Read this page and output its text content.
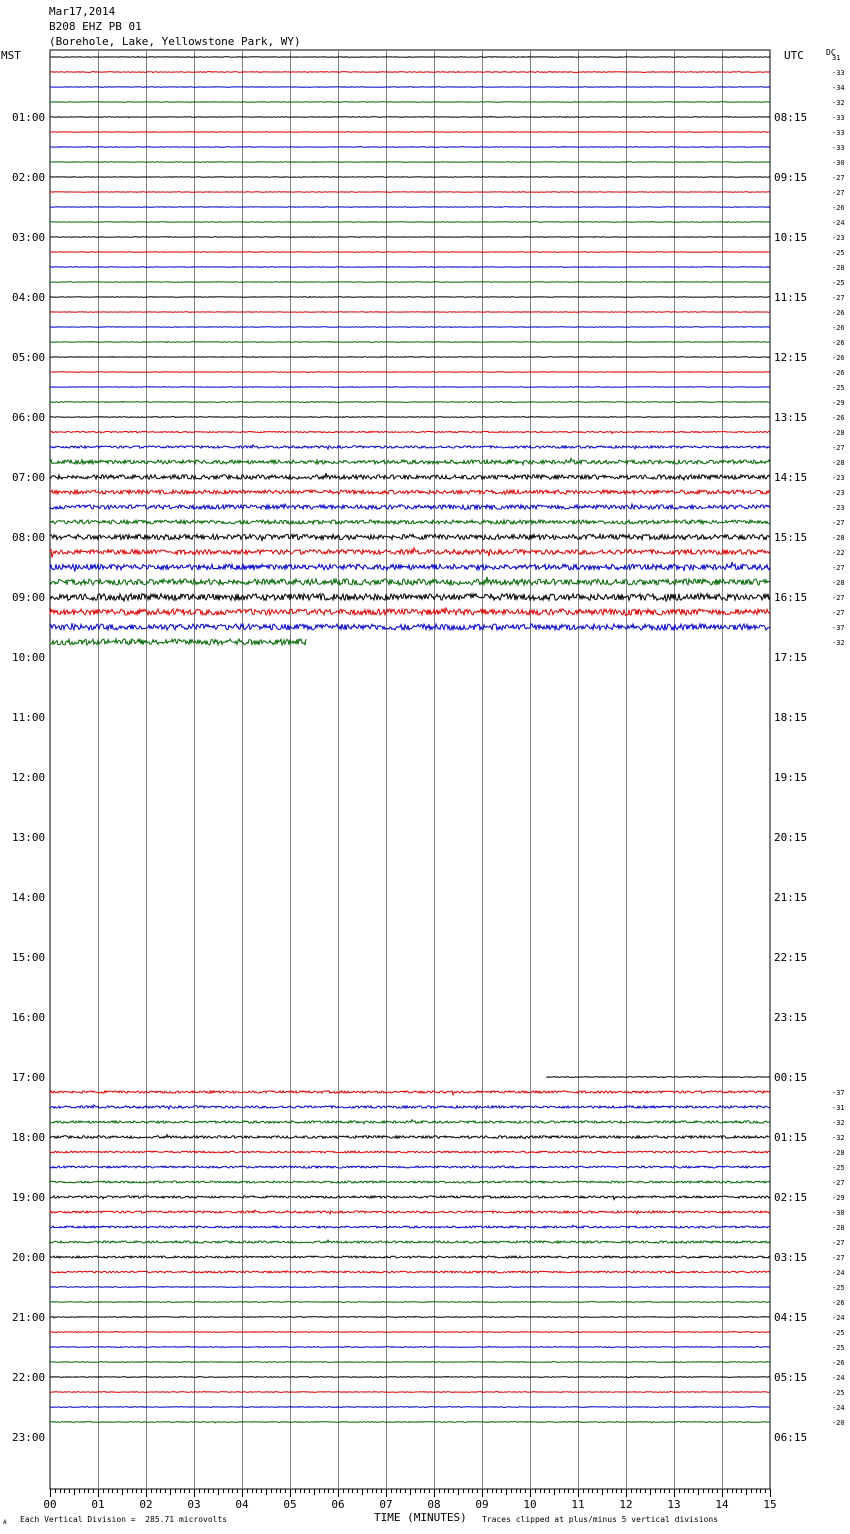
Mar17,2014
B208 EHZ PB 01
(Borehole, Lake, Yellowstone Park, WY)
MST	UTC	DC
31
-33
-34
-32
-33
-33
-33
-30
-27
-27
-26
-24
-23
-25
-28
-25
-27
-26
-26
-26
-26
-26
-25
-29
-26
-28
-27
-28
-23
-23
-23
-27
-28
-22
-27
-28
-27
-27
-37
-32
-37
-31
-32
-32
-28
-25
-27
-29
-30
-28
-27
-27
-24
-25
-26
-24
-25
-25
-26
-24
-25
-24
-20
01:00	08:15
02:00	09:15
03:00	10:15
04:00	11:15
05:00	12:15
06:00	13:15
07:00	14:15
08:00	15:15
09:00	16:15
10:00	17:15
11:00	18:15
12:00	19:15
13:00	20:15
14:00	21:15
15:00	22:15
16:00	23:15
17:00	00:15
18:00	01:15
19:00	02:15
20:00	03:15
21:00	04:15
22:00	05:15
23:00	06:15
00	01	02	03	04	05	06	07	08	09	10	11	12	13	14	15
A Each Vertical Division =  285.71 microvolts	TIME (MINUTES) Traces clipped at plus/minus 5 vertical divisions
